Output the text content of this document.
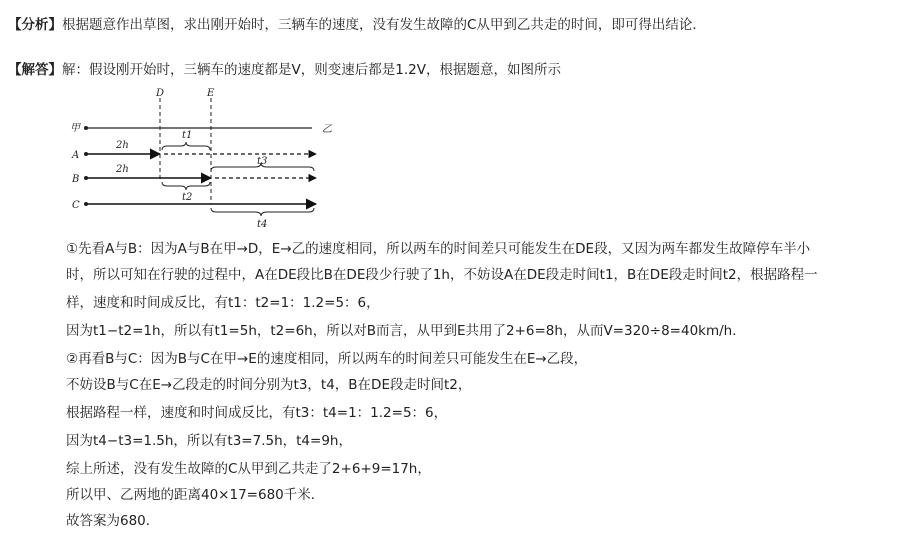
【分析】根据题意作出草图，求出刚开始时，三辆车的速度，没有发生故障的C从甲到乙共走的时间，即可得出结论．
【解答】解：假设刚开始时，三辆车的速度都是V，则变速后都是1.2V，根据题意，如图所示
D	E
甲	乙
A
2h
t1
t3
B
2h
t2
C
t4
①先看A与B：因为A与B在甲→D，E→乙的速度相同，所以两车的时间差只可能发生在DE段，又因为两车都发生故障停车半小
时，所以可知在行驶的过程中，A在DE段比B在DE段少行驶了1h，不妨设A在DE段走时间t1，B在DE段走时间t2，根据路程一
样，速度和时间成反比，有t1：t2=1：1.2=5：6，
因为t1−t2=1h，所以有t1=5h，t2=6h，所以对B而言，从甲到E共用了2+6=8h，从而V=320÷8=40km/h．
②再看B与C：因为B与C在甲→E的速度相同，所以两车的时间差只可能发生在E→乙段，
不妨设B与C在E→乙段走的时间分别为t3，t4，B在DE段走时间t2，
根据路程一样，速度和时间成反比，有t3：t4=1：1.2=5：6，
因为t4−t3=1.5h，所以有t3=7.5h，t4=9h，
综上所述，没有发生故障的C从甲到乙共走了2+6+9=17h，
所以甲、乙两地的距离40×17=680千米．
故答案为680．
